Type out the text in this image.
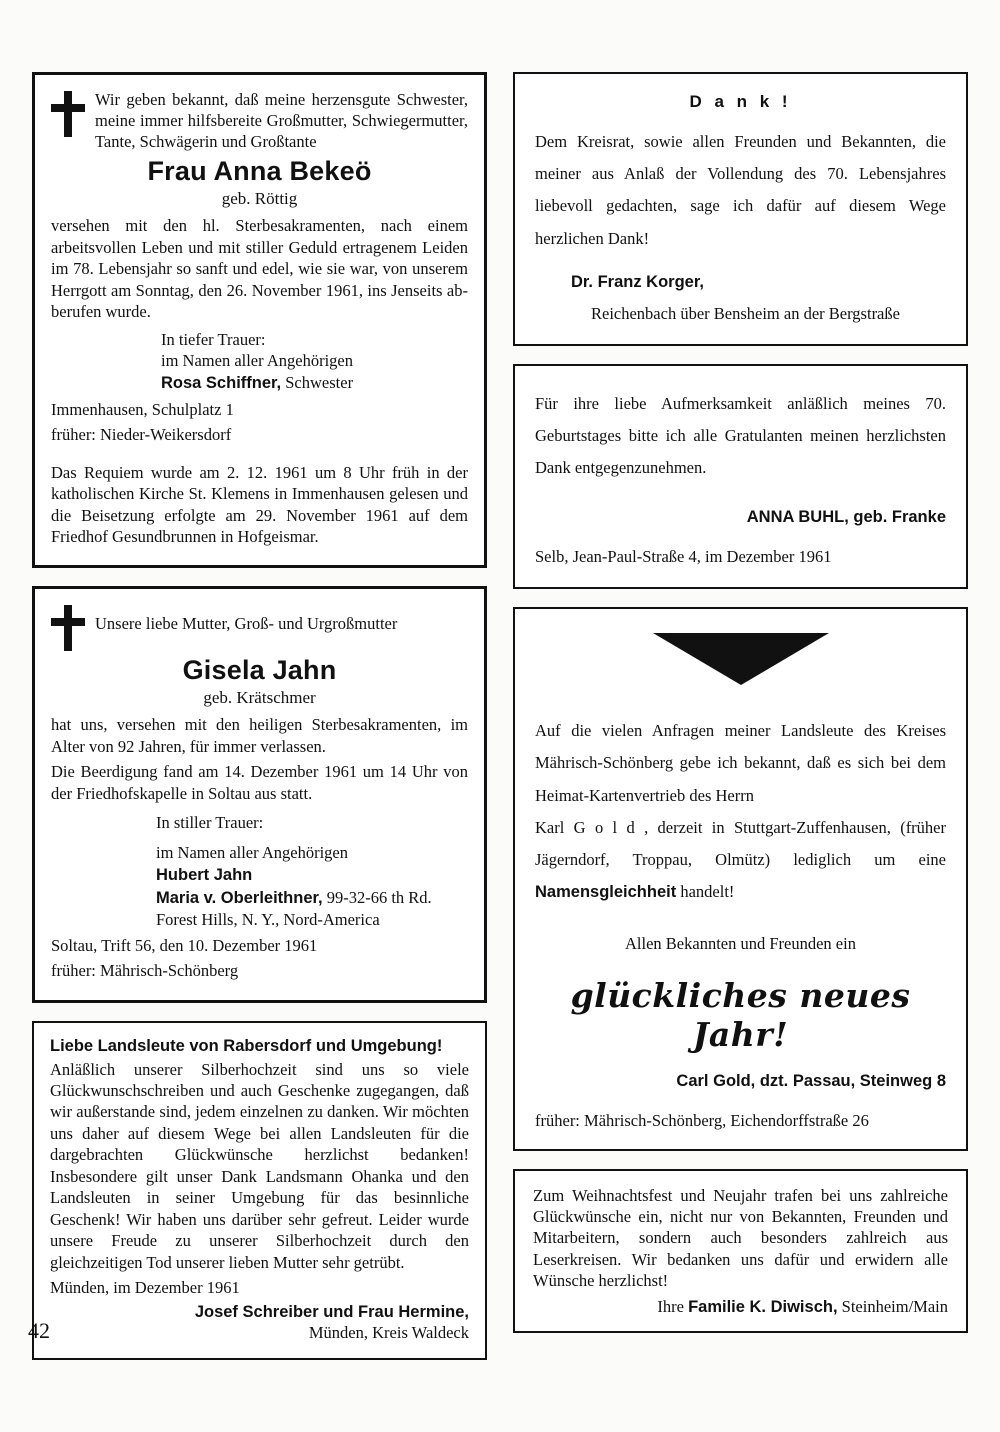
Wir geben bekannt, daß meine herzensgute Schwester, meine immer hilfsbereite Großmutter, Schwiegermutter, Tante, Schwägerin und Großtante
Frau Anna Bekeö
geb. Röttig
versehen mit den hl. Sterbesakramenten, nach einem arbeitsvollen Leben und mit stiller Geduld ertragenem Leiden im 78. Lebensjahr so sanft und edel, wie sie war, von unserem Herrgott am Sonntag, den 26. November 1961, ins Jenseits abberufen wurde.
In tiefer Trauer:
im Namen aller Angehörigen
Rosa Schiffner, Schwester
Immenhausen, Schulplatz 1
früher: Nieder-Weikersdorf
Das Requiem wurde am 2. 12. 1961 um 8 Uhr früh in der katholischen Kirche St. Klemens in Immenhausen gelesen und die Beisetzung erfolgte am 29. November 1961 auf dem Friedhof Gesundbrunnen in Hofgeismar.
Unsere liebe Mutter, Groß- und Urgroßmutter
Gisela Jahn
geb. Krätschmer
hat uns, versehen mit den heiligen Sterbesakramenten, im Alter von 92 Jahren, für immer verlassen.
Die Beerdigung fand am 14. Dezember 1961 um 14 Uhr von der Friedhofskapelle in Soltau aus statt.
In stiller Trauer:
im Namen aller Angehörigen
Hubert Jahn
Maria v. Oberleithner, 99-32-66 th Rd.
Forest Hills, N. Y., Nord-America
Soltau, Trift 56, den 10. Dezember 1961
früher: Mährisch-Schönberg
Liebe Landsleute von Rabersdorf und Umgebung!
Anläßlich unserer Silberhochzeit sind uns so viele Glückwunschschreiben und auch Geschenke zugegangen, daß wir außerstande sind, jedem einzelnen zu danken. Wir möchten uns daher auf diesem Wege bei allen Landsleuten für die dargebrachten Glückwünsche herzlichst bedanken! Insbesondere gilt unser Dank Landsmann Ohanka und den Landsleuten in seiner Umgebung für das besinnliche Geschenk! Wir haben uns darüber sehr gefreut. Leider wurde unsere Freude zu unserer Silberhochzeit durch den gleichzeitigen Tod unserer lieben Mutter sehr getrübt.
Münden, im Dezember 1961
Josef Schreiber und Frau Hermine,
Münden, Kreis Waldeck
D a n k !
Dem Kreisrat, sowie allen Freunden und Bekannten, die meiner aus Anlaß der Vollendung des 70. Lebensjahres liebevoll gedachten, sage ich dafür auf diesem Wege herzlichen Dank!
Dr. Franz Korger,
Reichenbach über Bensheim an der Bergstraße
Für ihre liebe Aufmerksamkeit anläßlich meines 70. Geburtstages bitte ich alle Gratulanten meinen herzlichsten Dank entgegenzunehmen.
ANNA BUHL, geb. Franke
Selb, Jean-Paul-Straße 4, im Dezember 1961
Auf die vielen Anfragen meiner Landsleute des Kreises Mährisch-Schönberg gebe ich bekannt, daß es sich bei dem Heimat-Kartenvertrieb des Herrn
Karl G o l d , derzeit in Stuttgart-Zuffenhausen, (früher Jägerndorf, Troppau, Olmütz) lediglich um eine Namensgleichheit handelt!
Allen Bekannten und Freunden ein
glückliches neues Jahr!
Carl Gold, dzt. Passau, Steinweg 8
früher: Mährisch-Schönberg, Eichendorffstraße 26
Zum Weihnachtsfest und Neujahr trafen bei uns zahlreiche Glückwünsche ein, nicht nur von Bekannten, Freunden und Mitarbeitern, sondern auch besonders zahlreich aus Leserkreisen. Wir bedanken uns dafür und erwidern alle Wünsche herzlichst!
Ihre Familie K. Diwisch, Steinheim/Main
42
